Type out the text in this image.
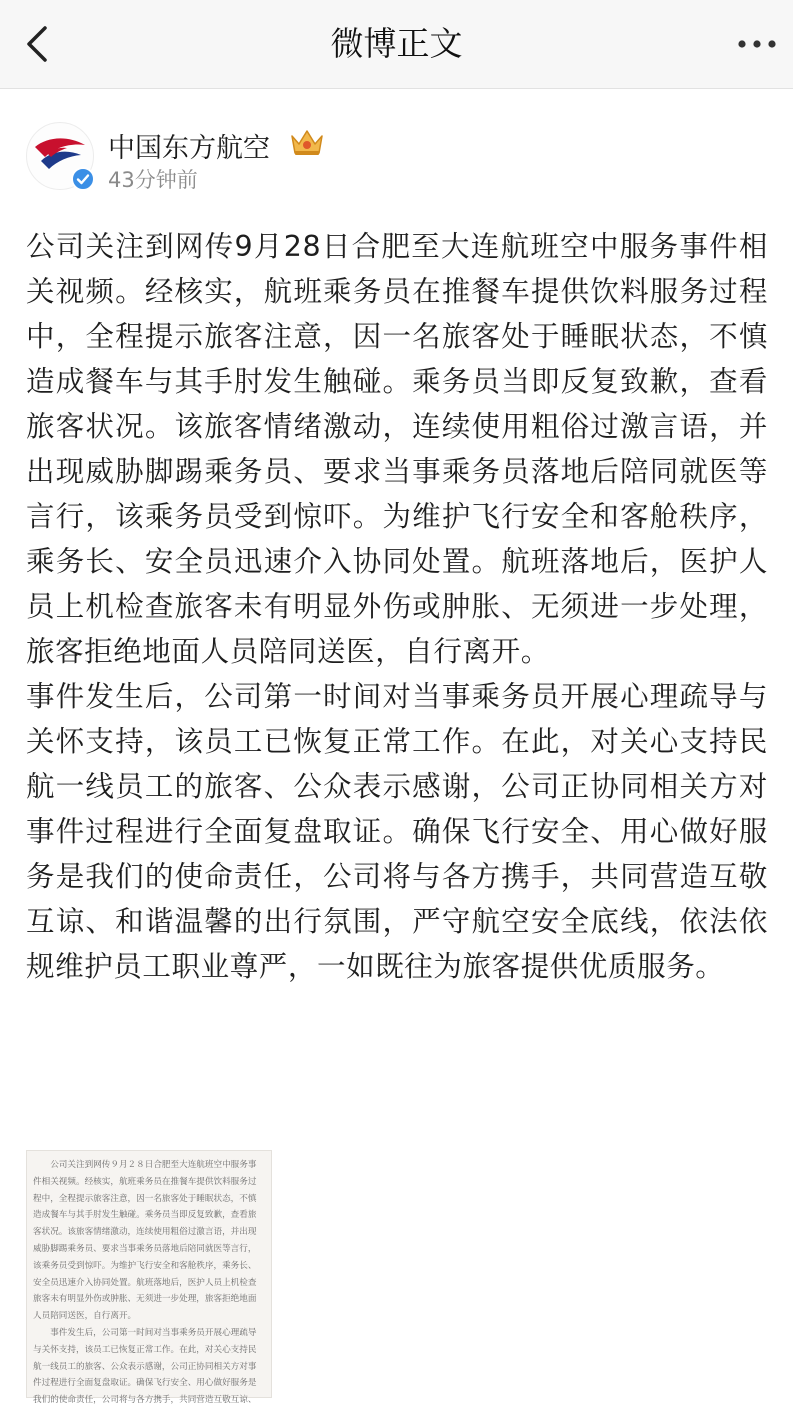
微博正文
中国东方航空
43分钟前

公司关注到网传9月28日合肥至大连航班空中服务事件相关视频。经核实，航班乘务员在推餐车提供饮料服务过程中，全程提示旅客注意，因一名旅客处于睡眠状态，不慎造成餐车与其手肘发生触碰。乘务员当即反复致歉，查看旅客状况。该旅客情绪激动，连续使用粗俗过激言语，并出现威胁脚踢乘务员、要求当事乘务员落地后陪同就医等言行，该乘务员受到惊吓。为维护飞行安全和客舱秩序，乘务长、安全员迅速介入协同处置。航班落地后，医护人员上机检查旅客未有明显外伤或肿胀、无须进一步处理，旅客拒绝地面人员陪同送医，自行离开。

事件发生后，公司第一时间对当事乘务员开展心理疏导与关怀支持，该员工已恢复正常工作。在此，对关心支持民航一线员工的旅客、公众表示感谢，公司正协同相关方对事件过程进行全面复盘取证。确保飞行安全、用心做好服务是我们的使命责任，公司将与各方携手，共同营造互敬互谅、和谐温馨的出行氛围，严守航空安全底线，依法依规维护员工职业尊严，一如既往为旅客提供优质服务。

　　公司关注到网传９月２８日合肥至大连航班空中服务事
件相关视频。经核实，航班乘务员在推餐车提供饮料服务过
程中，全程提示旅客注意，因一名旅客处于睡眠状态，不慎
造成餐车与其手肘发生触碰。乘务员当即反复致歉，查看旅
客状况。该旅客情绪激动，连续使用粗俗过激言语，并出现
威胁脚踢乘务员、要求当事乘务员落地后陪同就医等言行，
该乘务员受到惊吓。为维护飞行安全和客舱秩序，乘务长、
安全员迅速介入协同处置。航班落地后，医护人员上机检查
旅客未有明显外伤或肿胀、无须进一步处理，旅客拒绝地面
人员陪同送医，自行离开。
　　事件发生后，公司第一时间对当事乘务员开展心理疏导
与关怀支持，该员工已恢复正常工作。在此，对关心支持民
航一线员工的旅客、公众表示感谢，公司正协同相关方对事
件过程进行全面复盘取证。确保飞行安全、用心做好服务是
我们的使命责任，公司将与各方携手，共同营造互敬互谅、
